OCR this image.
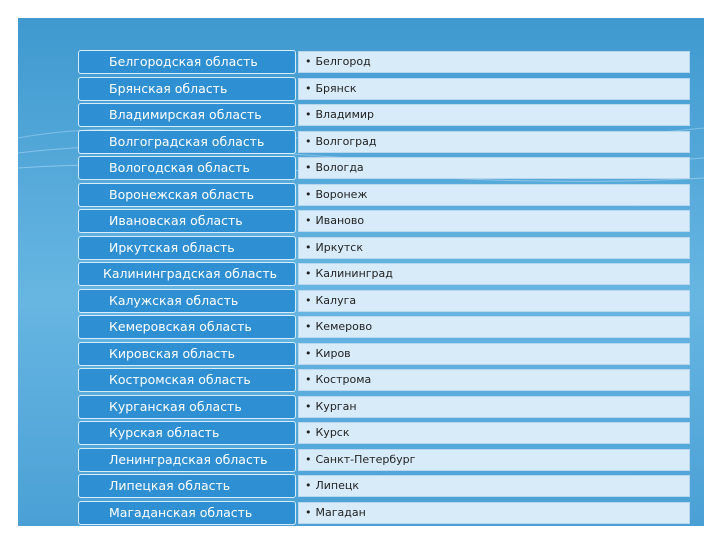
Белгородская область	• Белгород
Брянская область	• Брянск
Владимирская область	• Владимир
Волгоградская область	• Волгоград
Вологодская область	• Вологда
Воронежская область	• Воронеж
Ивановская область	• Иваново
Иркутская область	• Иркутск
Калининградская область	• Калининград
Калужская область	• Калуга
Кемеровская область	• Кемерово
Кировская область	• Киров
Костромская область	• Кострома
Курганская область	• Курган
Курская область	• Курск
Ленинградская область	• Санкт-Петербург
Липецкая область	• Липецк
Магаданская область	• Магадан
